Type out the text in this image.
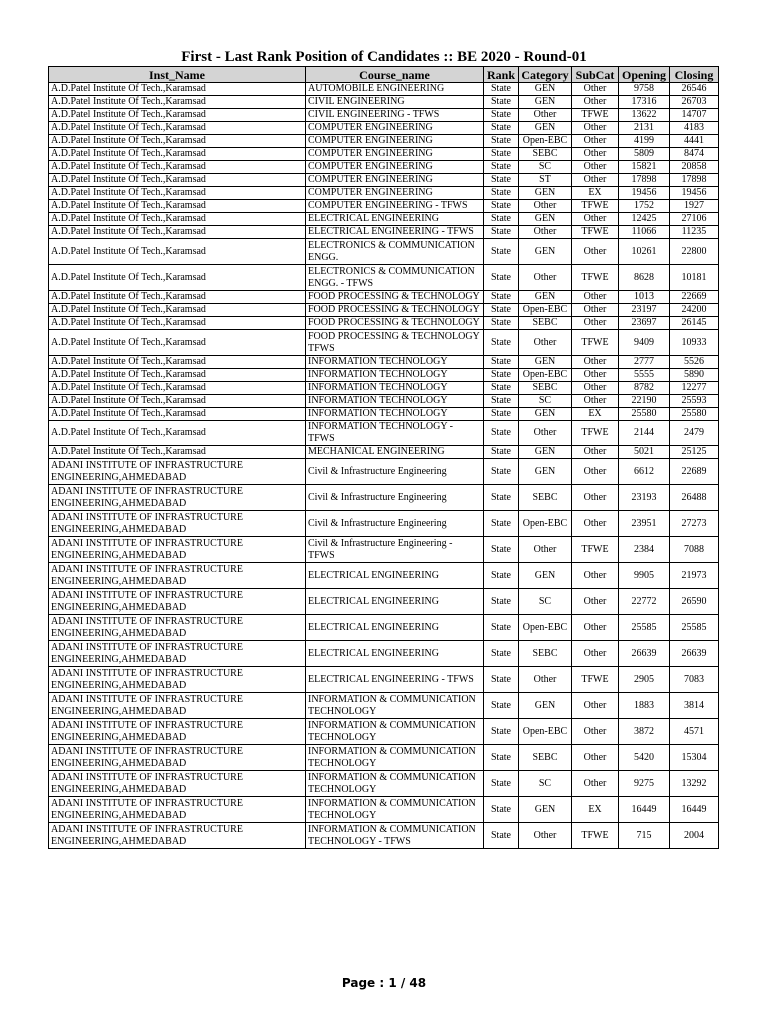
First - Last Rank Position of Candidates :: BE 2020 - Round-01
Inst_Name	Course_name	Rank	Category	SubCat	Opening	Closing
A.D.Patel Institute Of Tech.,Karamsad	AUTOMOBILE ENGINEERING	State	GEN	Other	9758	26546
A.D.Patel Institute Of Tech.,Karamsad	CIVIL ENGINEERING	State	GEN	Other	17316	26703
A.D.Patel Institute Of Tech.,Karamsad	CIVIL ENGINEERING - TFWS	State	Other	TFWE	13622	14707
A.D.Patel Institute Of Tech.,Karamsad	COMPUTER ENGINEERING	State	GEN	Other	2131	4183
A.D.Patel Institute Of Tech.,Karamsad	COMPUTER ENGINEERING	State	Open-EBC	Other	4199	4441
A.D.Patel Institute Of Tech.,Karamsad	COMPUTER ENGINEERING	State	SEBC	Other	5809	8474
A.D.Patel Institute Of Tech.,Karamsad	COMPUTER ENGINEERING	State	SC	Other	15821	20858
A.D.Patel Institute Of Tech.,Karamsad	COMPUTER ENGINEERING	State	ST	Other	17898	17898
A.D.Patel Institute Of Tech.,Karamsad	COMPUTER ENGINEERING	State	GEN	EX	19456	19456
A.D.Patel Institute Of Tech.,Karamsad	COMPUTER ENGINEERING - TFWS	State	Other	TFWE	1752	1927
A.D.Patel Institute Of Tech.,Karamsad	ELECTRICAL ENGINEERING	State	GEN	Other	12425	27106
A.D.Patel Institute Of Tech.,Karamsad	ELECTRICAL ENGINEERING - TFWS	State	Other	TFWE	11066	11235
A.D.Patel Institute Of Tech.,Karamsad	ELECTRONICS & COMMUNICATION ENGG.	State	GEN	Other	10261	22800
A.D.Patel Institute Of Tech.,Karamsad	ELECTRONICS & COMMUNICATION ENGG. - TFWS	State	Other	TFWE	8628	10181
A.D.Patel Institute Of Tech.,Karamsad	FOOD PROCESSING & TECHNOLOGY	State	GEN	Other	1013	22669
A.D.Patel Institute Of Tech.,Karamsad	FOOD PROCESSING & TECHNOLOGY	State	Open-EBC	Other	23197	24200
A.D.Patel Institute Of Tech.,Karamsad	FOOD PROCESSING & TECHNOLOGY	State	SEBC	Other	23697	26145
A.D.Patel Institute Of Tech.,Karamsad	FOOD PROCESSING & TECHNOLOGY TFWS	State	Other	TFWE	9409	10933
A.D.Patel Institute Of Tech.,Karamsad	INFORMATION TECHNOLOGY	State	GEN	Other	2777	5526
A.D.Patel Institute Of Tech.,Karamsad	INFORMATION TECHNOLOGY	State	Open-EBC	Other	5555	5890
A.D.Patel Institute Of Tech.,Karamsad	INFORMATION TECHNOLOGY	State	SEBC	Other	8782	12277
A.D.Patel Institute Of Tech.,Karamsad	INFORMATION TECHNOLOGY	State	SC	Other	22190	25593
A.D.Patel Institute Of Tech.,Karamsad	INFORMATION TECHNOLOGY	State	GEN	EX	25580	25580
A.D.Patel Institute Of Tech.,Karamsad	INFORMATION TECHNOLOGY - TFWS	State	Other	TFWE	2144	2479
A.D.Patel Institute Of Tech.,Karamsad	MECHANICAL ENGINEERING	State	GEN	Other	5021	25125
ADANI INSTITUTE OF INFRASTRUCTURE ENGINEERING,AHMEDABAD	Civil & Infrastructure Engineering	State	GEN	Other	6612	22689
ADANI INSTITUTE OF INFRASTRUCTURE ENGINEERING,AHMEDABAD	Civil & Infrastructure Engineering	State	SEBC	Other	23193	26488
ADANI INSTITUTE OF INFRASTRUCTURE ENGINEERING,AHMEDABAD	Civil & Infrastructure Engineering	State	Open-EBC	Other	23951	27273
ADANI INSTITUTE OF INFRASTRUCTURE ENGINEERING,AHMEDABAD	Civil & Infrastructure Engineering - TFWS	State	Other	TFWE	2384	7088
ADANI INSTITUTE OF INFRASTRUCTURE ENGINEERING,AHMEDABAD	ELECTRICAL ENGINEERING	State	GEN	Other	9905	21973
ADANI INSTITUTE OF INFRASTRUCTURE ENGINEERING,AHMEDABAD	ELECTRICAL ENGINEERING	State	SC	Other	22772	26590
ADANI INSTITUTE OF INFRASTRUCTURE ENGINEERING,AHMEDABAD	ELECTRICAL ENGINEERING	State	Open-EBC	Other	25585	25585
ADANI INSTITUTE OF INFRASTRUCTURE ENGINEERING,AHMEDABAD	ELECTRICAL ENGINEERING	State	SEBC	Other	26639	26639
ADANI INSTITUTE OF INFRASTRUCTURE ENGINEERING,AHMEDABAD	ELECTRICAL ENGINEERING - TFWS	State	Other	TFWE	2905	7083
ADANI INSTITUTE OF INFRASTRUCTURE ENGINEERING,AHMEDABAD	INFORMATION & COMMUNICATION TECHNOLOGY	State	GEN	Other	1883	3814
ADANI INSTITUTE OF INFRASTRUCTURE ENGINEERING,AHMEDABAD	INFORMATION & COMMUNICATION TECHNOLOGY	State	Open-EBC	Other	3872	4571
ADANI INSTITUTE OF INFRASTRUCTURE ENGINEERING,AHMEDABAD	INFORMATION & COMMUNICATION TECHNOLOGY	State	SEBC	Other	5420	15304
ADANI INSTITUTE OF INFRASTRUCTURE ENGINEERING,AHMEDABAD	INFORMATION & COMMUNICATION TECHNOLOGY	State	SC	Other	9275	13292
ADANI INSTITUTE OF INFRASTRUCTURE ENGINEERING,AHMEDABAD	INFORMATION & COMMUNICATION TECHNOLOGY	State	GEN	EX	16449	16449
ADANI INSTITUTE OF INFRASTRUCTURE ENGINEERING,AHMEDABAD	INFORMATION & COMMUNICATION TECHNOLOGY - TFWS	State	Other	TFWE	715	2004
Page : 1 / 48
